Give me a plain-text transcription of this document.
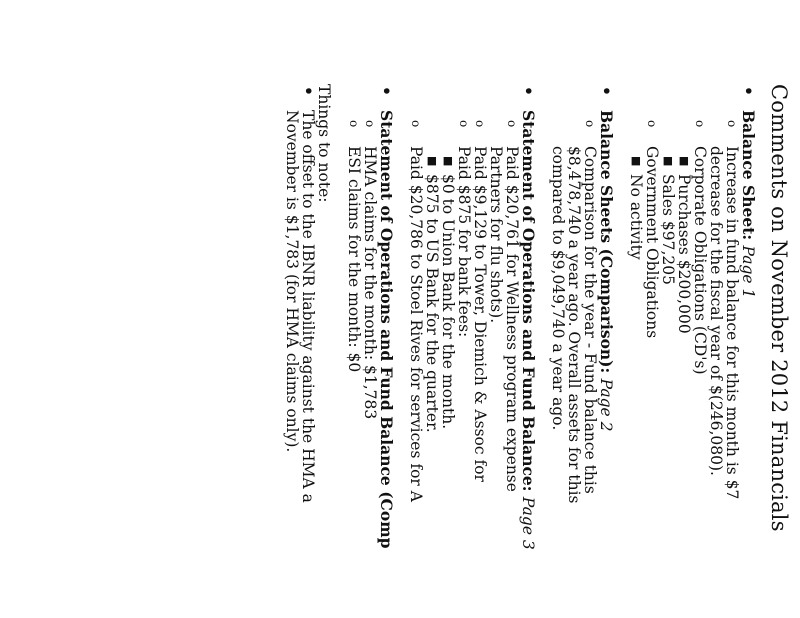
Comments on November 2012 Financials
•
Balance Sheet: Page 1
o
Increase in fund balance for this month is $7
decrease for the fiscal year of $(246,080).
o
Corporate Obligations (CD's)
■
Purchases $200,000
■
Sales $97,205
o
Government Obligations
■
No activity
•
Balance Sheets (Comparison): Page 2
o
Comparison for the year - Fund balance this
$8,478,740 a year ago. Overall assets for this
compared to $9,049,740 a year ago.
•
Statement of Operations and Fund Balance: Page 3
o
Paid $20,761 for Wellness program expense
Partners for flu shots).
o
Paid $9,129 to Tower, Diemich & Assoc for
o
Paid $875 for bank fees:
■
$0 to Union Bank for the month.
■
$875 to US Bank for the quarter.
o
Paid $20,786 to Stoel Rives for services for A
•
Statement of Operations and Fund Balance (Comp
o
HMA claims for the month: $1,783
o
ESI claims for the month: $0
Things to note:
•
The offset to the IBNR liability against the HMA a
November is $1,783 (for HMA claims only).
